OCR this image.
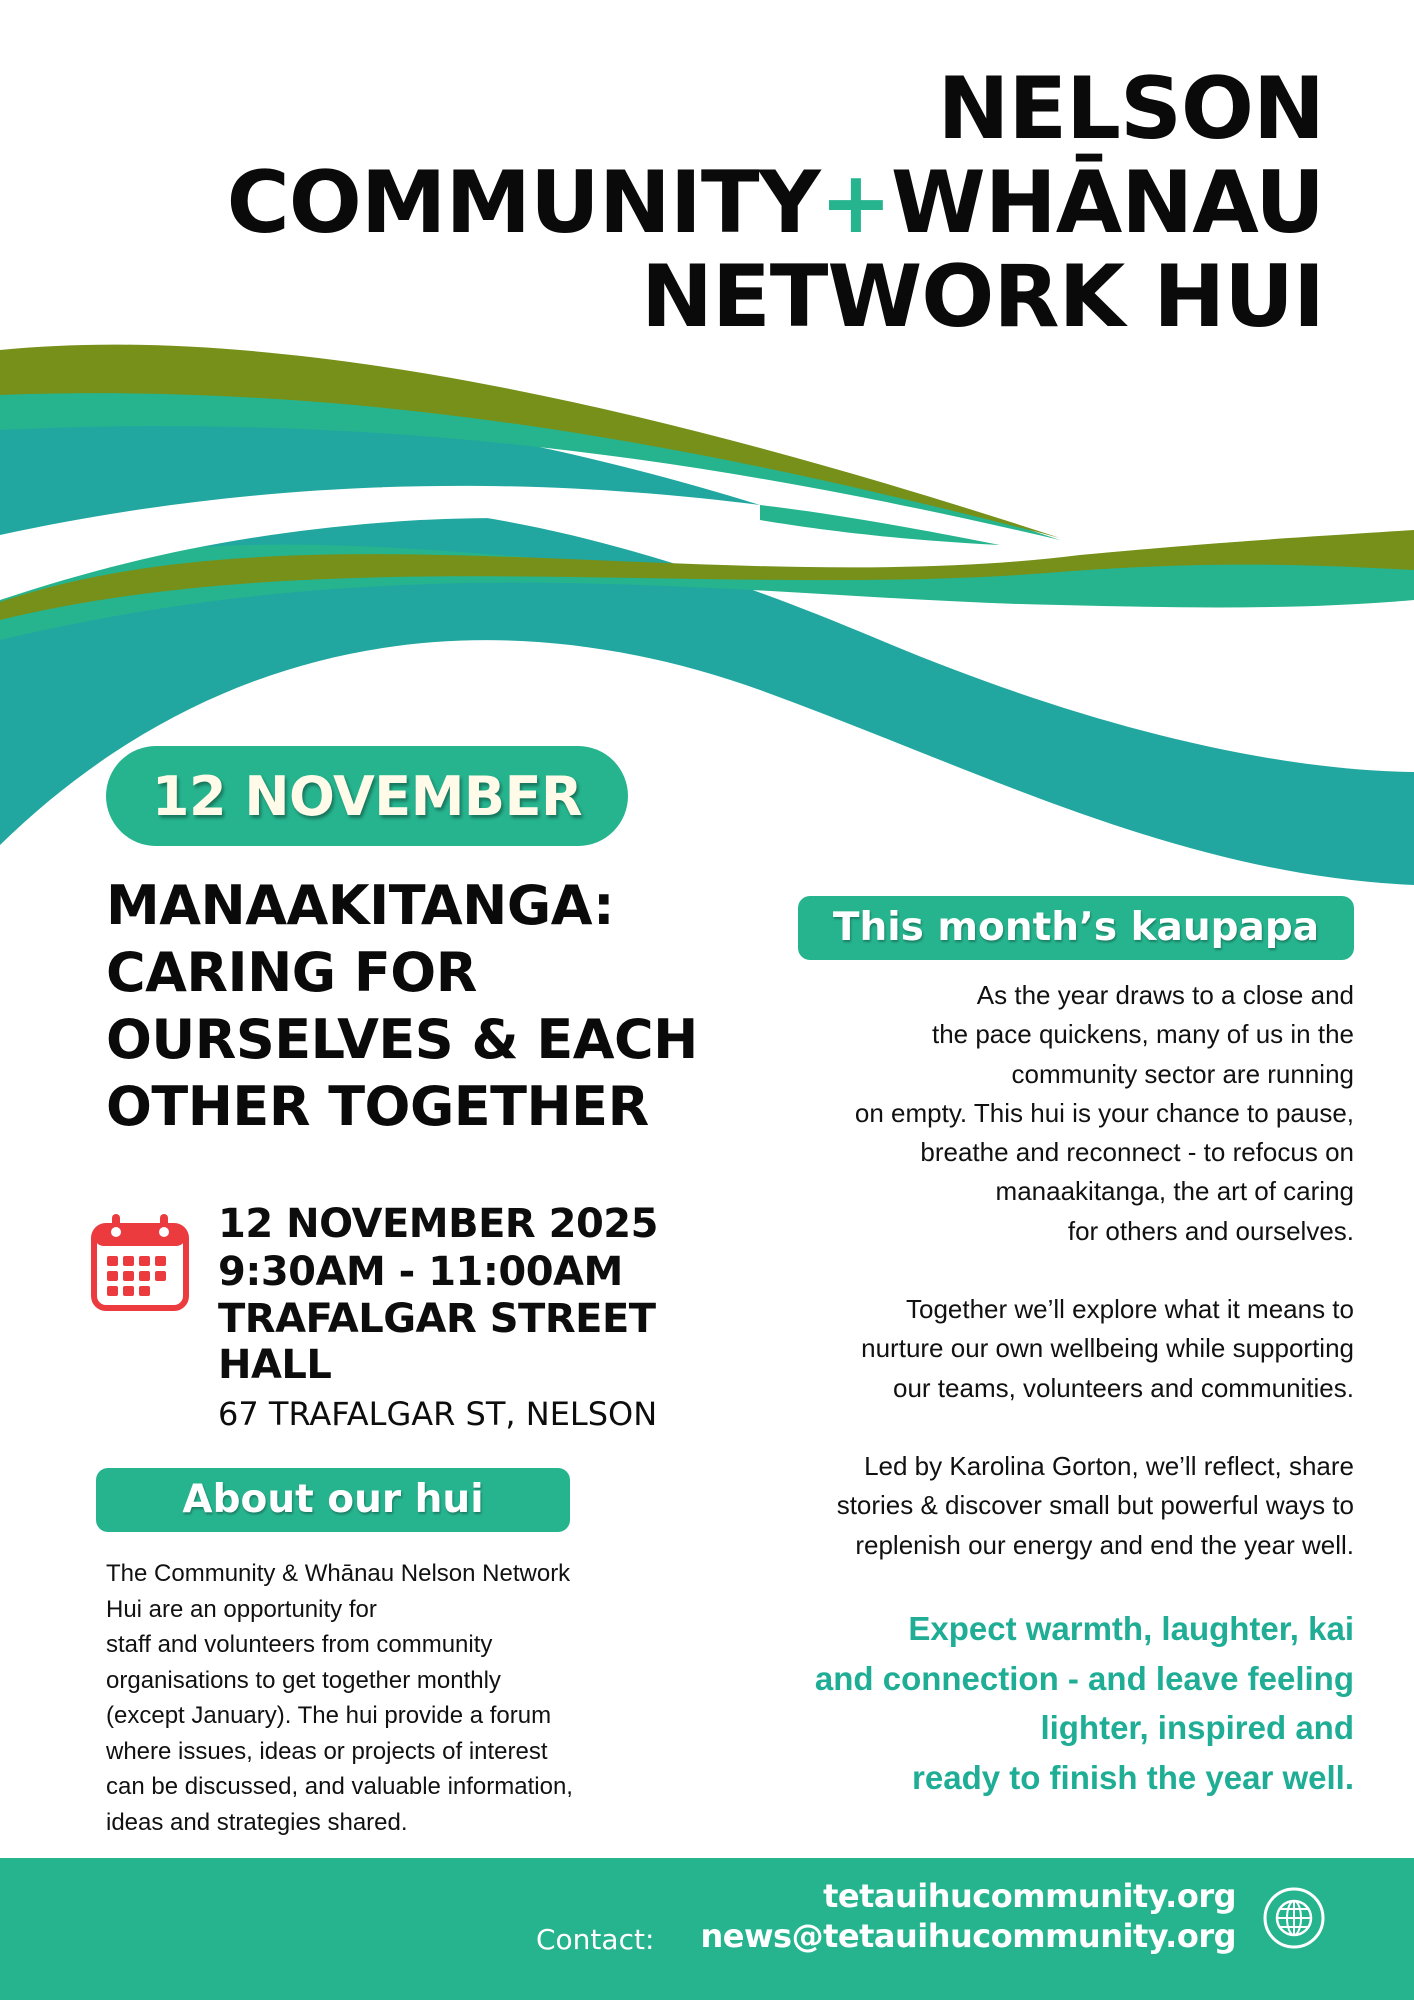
NELSON
COMMUNITY+WHĀNAU
NETWORK HUI
12 NOVEMBER
MANAAKITANGA:
CARING FOR
OURSELVES & EACH
OTHER TOGETHER
12 NOVEMBER 2025
9:30AM - 11:00AM
TRAFALGAR STREET
HALL
67 TRAFALGAR ST, NELSON
About our hui

The Community & Whānau Nelson Network

Hui are an opportunity for

staff and volunteers from community

organisations to get together monthly

(except January). The hui provide a forum

where issues, ideas or projects of interest

can be discussed, and valuable information,

ideas and strategies shared.

This month’s kaupapa

As the year draws to a close and

the pace quickens, many of us in the

community sector are running

on empty. This hui is your chance to pause,

breathe and reconnect - to refocus on

manaakitanga, the art of caring

for others and ourselves.

Together we’ll explore what it means to

nurture our own wellbeing while supporting

our teams, volunteers and communities.

Led by Karolina Gorton, we’ll reflect, share

stories & discover small but powerful ways to

replenish our energy and end the year well.

Expect warmth, laughter, kai

and connection - and leave feeling

lighter, inspired and

ready to finish the year well.

tetauihucommunity.org
Contact: news@tetauihucommunity.org
